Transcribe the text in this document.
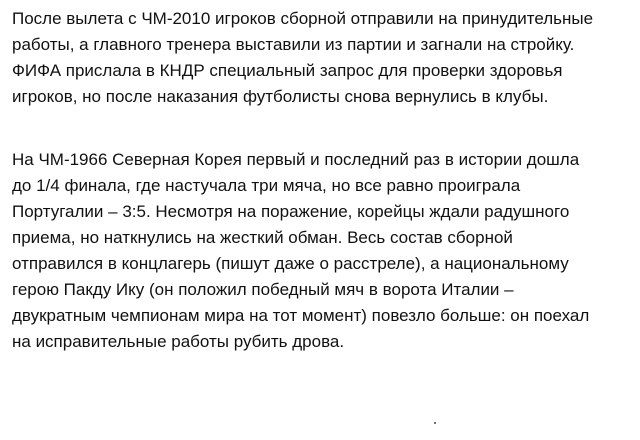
После вылета с ЧМ-2010 игроков сборной отправили на принудительные
работы, а главного тренера выставили из партии и загнали на стройку.
ФИФА прислала в КНДР специальный запрос для проверки здоровья
игроков, но после наказания футболисты снова вернулись в клубы.

На ЧМ-1966 Северная Корея первый и последний раз в истории дошла
до 1/4 финала, где настучала три мяча, но все равно проиграла
Португалии – 3:5. Несмотря на поражение, корейцы ждали радушного
приема, но наткнулись на жесткий обман. Весь состав сборной
отправился в концлагерь (пишут даже о расстреле), а национальному
герою Пакду Ику (он положил победный мяч в ворота Италии –
двукратным чемпионам мира на тот момент) повезло больше: он поехал
на исправительные работы рубить дрова.
